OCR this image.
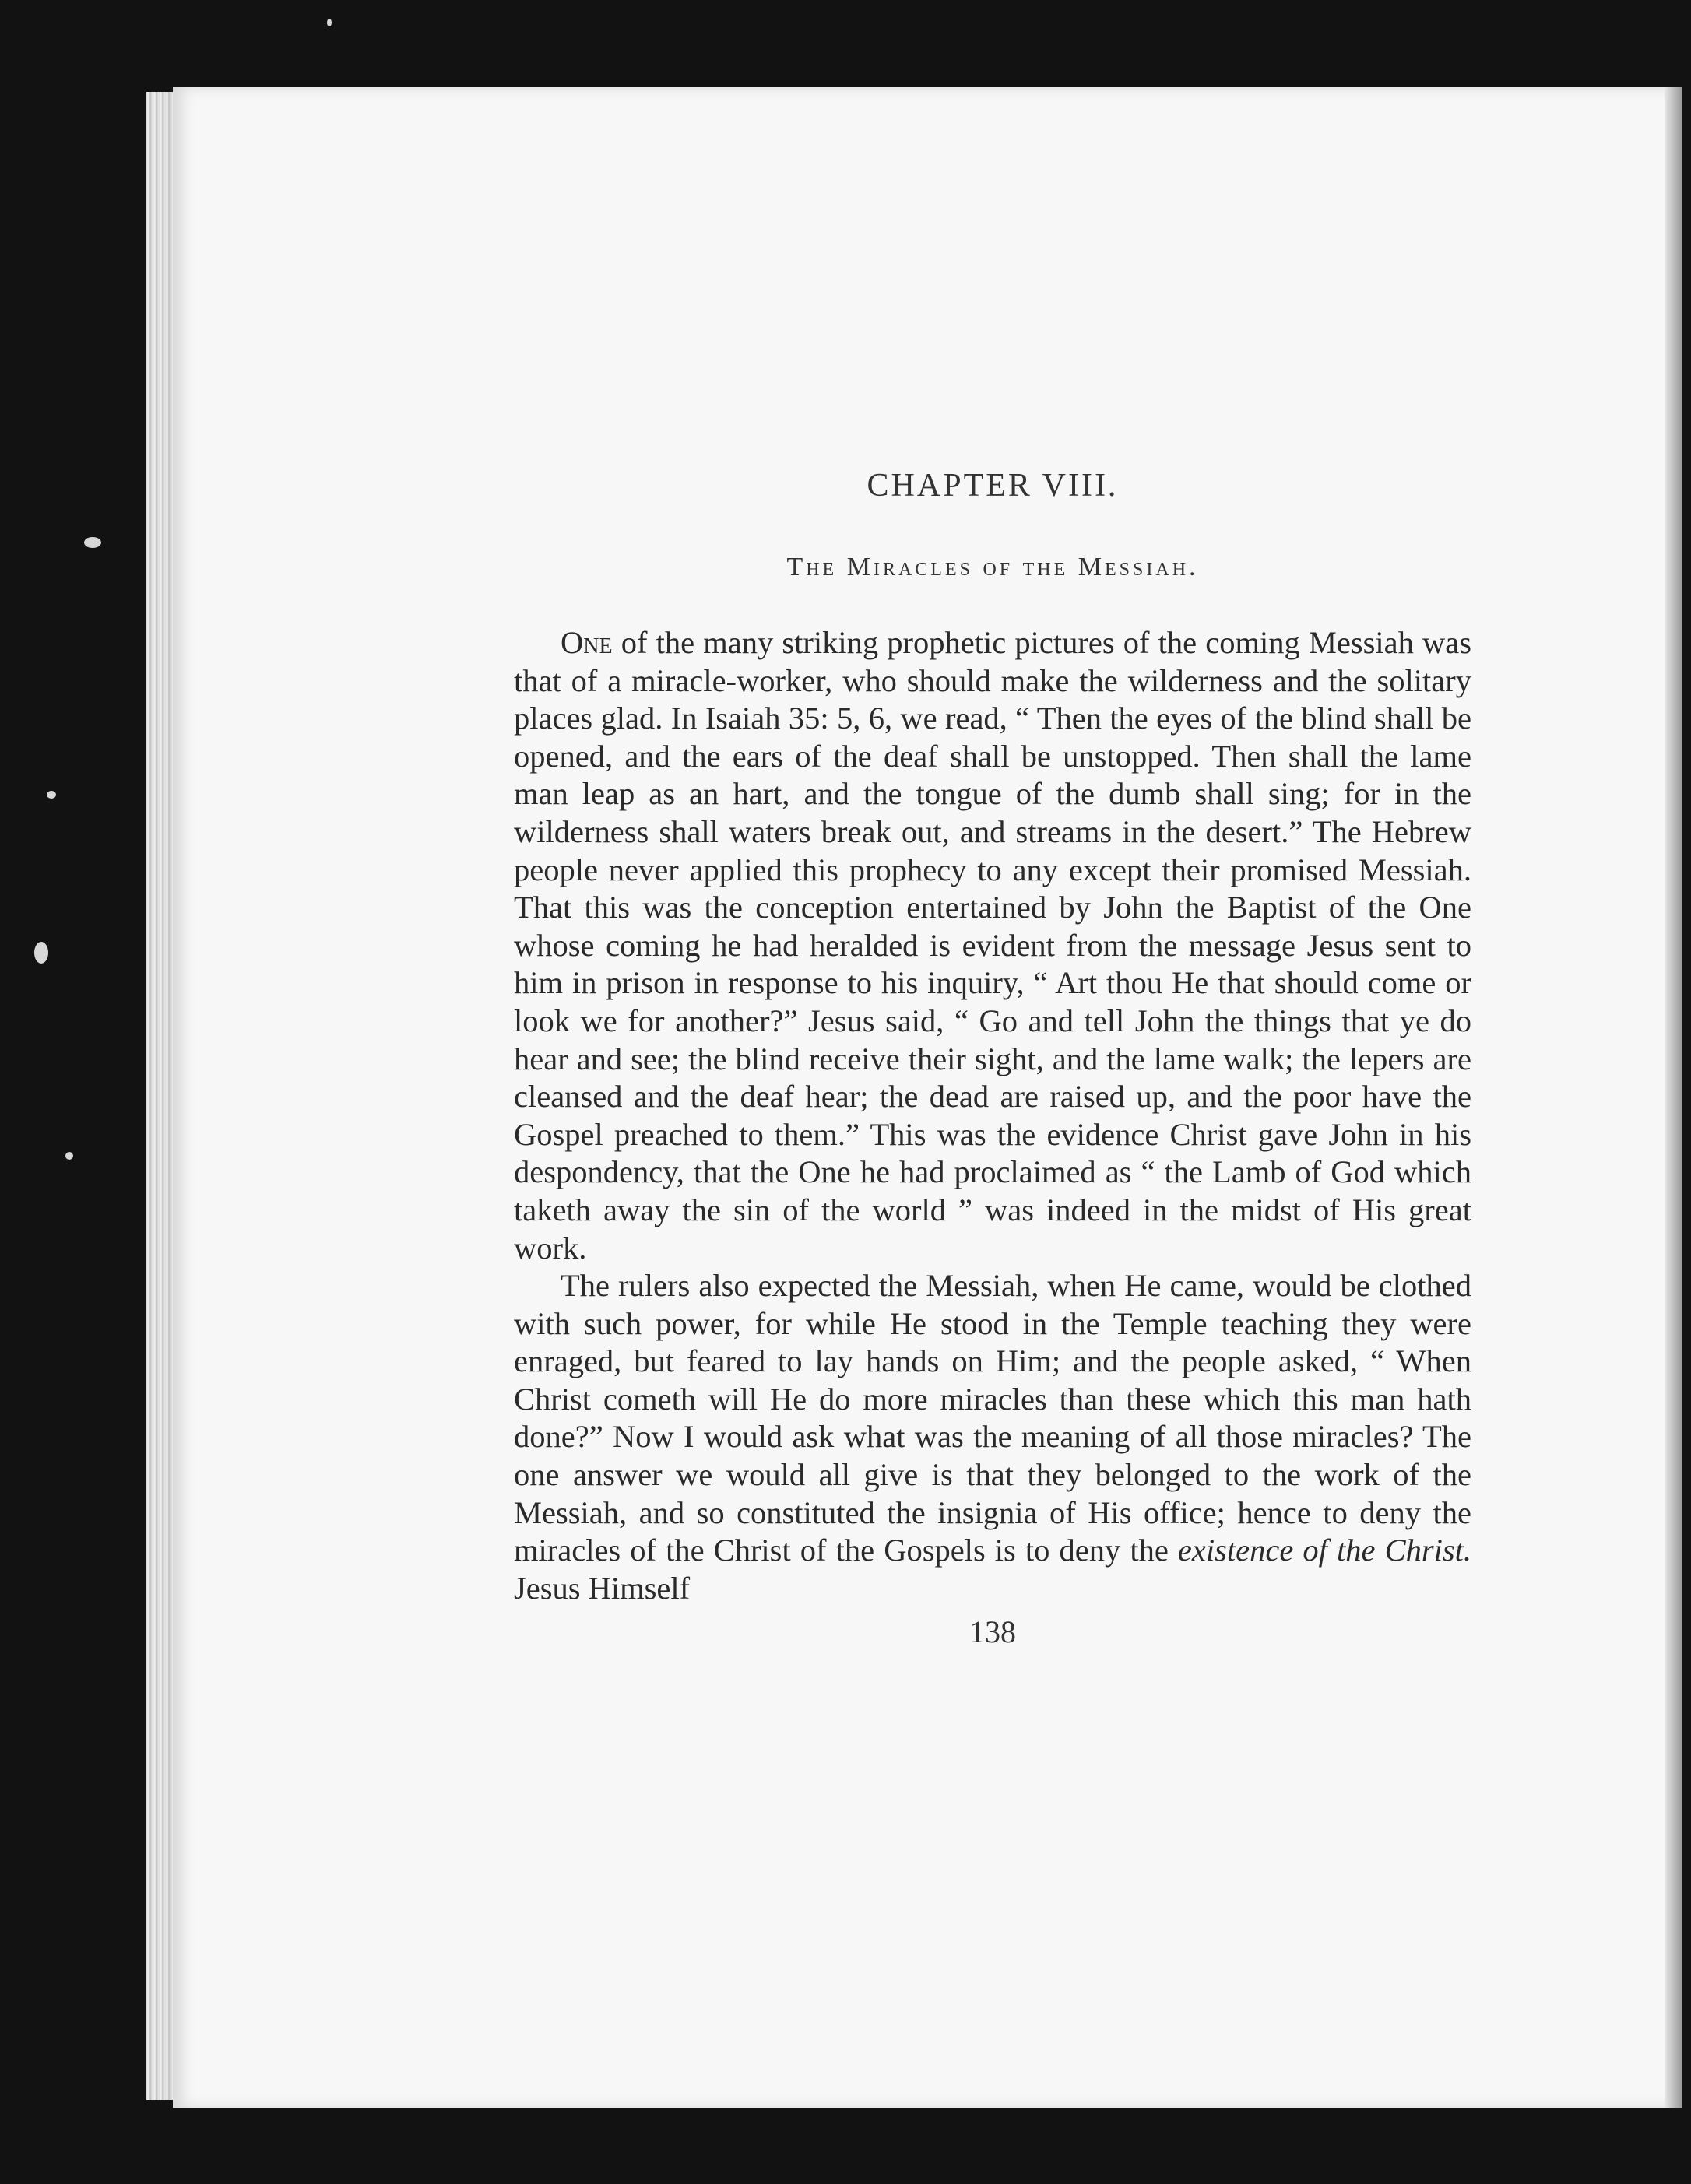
CHAPTER VIII.
The Miracles of the Messiah.

One of the many striking prophetic pictures of the coming Messiah was that of a miracle-worker, who should make the wilderness and the solitary places glad. In Isaiah 35: 5, 6, we read, “ Then the eyes of the blind shall be opened, and the ears of the deaf shall be unstopped. Then shall the lame man leap as an hart, and the tongue of the dumb shall sing; for in the wilderness shall waters break out, and streams in the desert.” The Hebrew people never applied this prophecy to any except their promised Messiah. That this was the conception entertained by John the Baptist of the One whose coming he had heralded is evident from the message Jesus sent to him in prison in response to his inquiry, “ Art thou He that should come or look we for another?” Jesus said, “ Go and tell John the things that ye do hear and see; the blind receive their sight, and the lame walk; the lepers are cleansed and the deaf hear; the dead are raised up, and the poor have the Gospel preached to them.” This was the evidence Christ gave John in his despondency, that the One he had proclaimed as “ the Lamb of God which taketh away the sin of the world ” was indeed in the midst of His great work.

The rulers also expected the Messiah, when He came, would be clothed with such power, for while He stood in the Temple teaching they were enraged, but feared to lay hands on Him; and the people asked, “ When Christ cometh will He do more miracles than these which this man hath done?” Now I would ask what was the meaning of all those miracles? The one answer we would all give is that they belonged to the work of the Messiah, and so constituted the insignia of His office; hence to deny the miracles of the Christ of the Gospels is to deny the existence of the Christ. Jesus Himself

138
